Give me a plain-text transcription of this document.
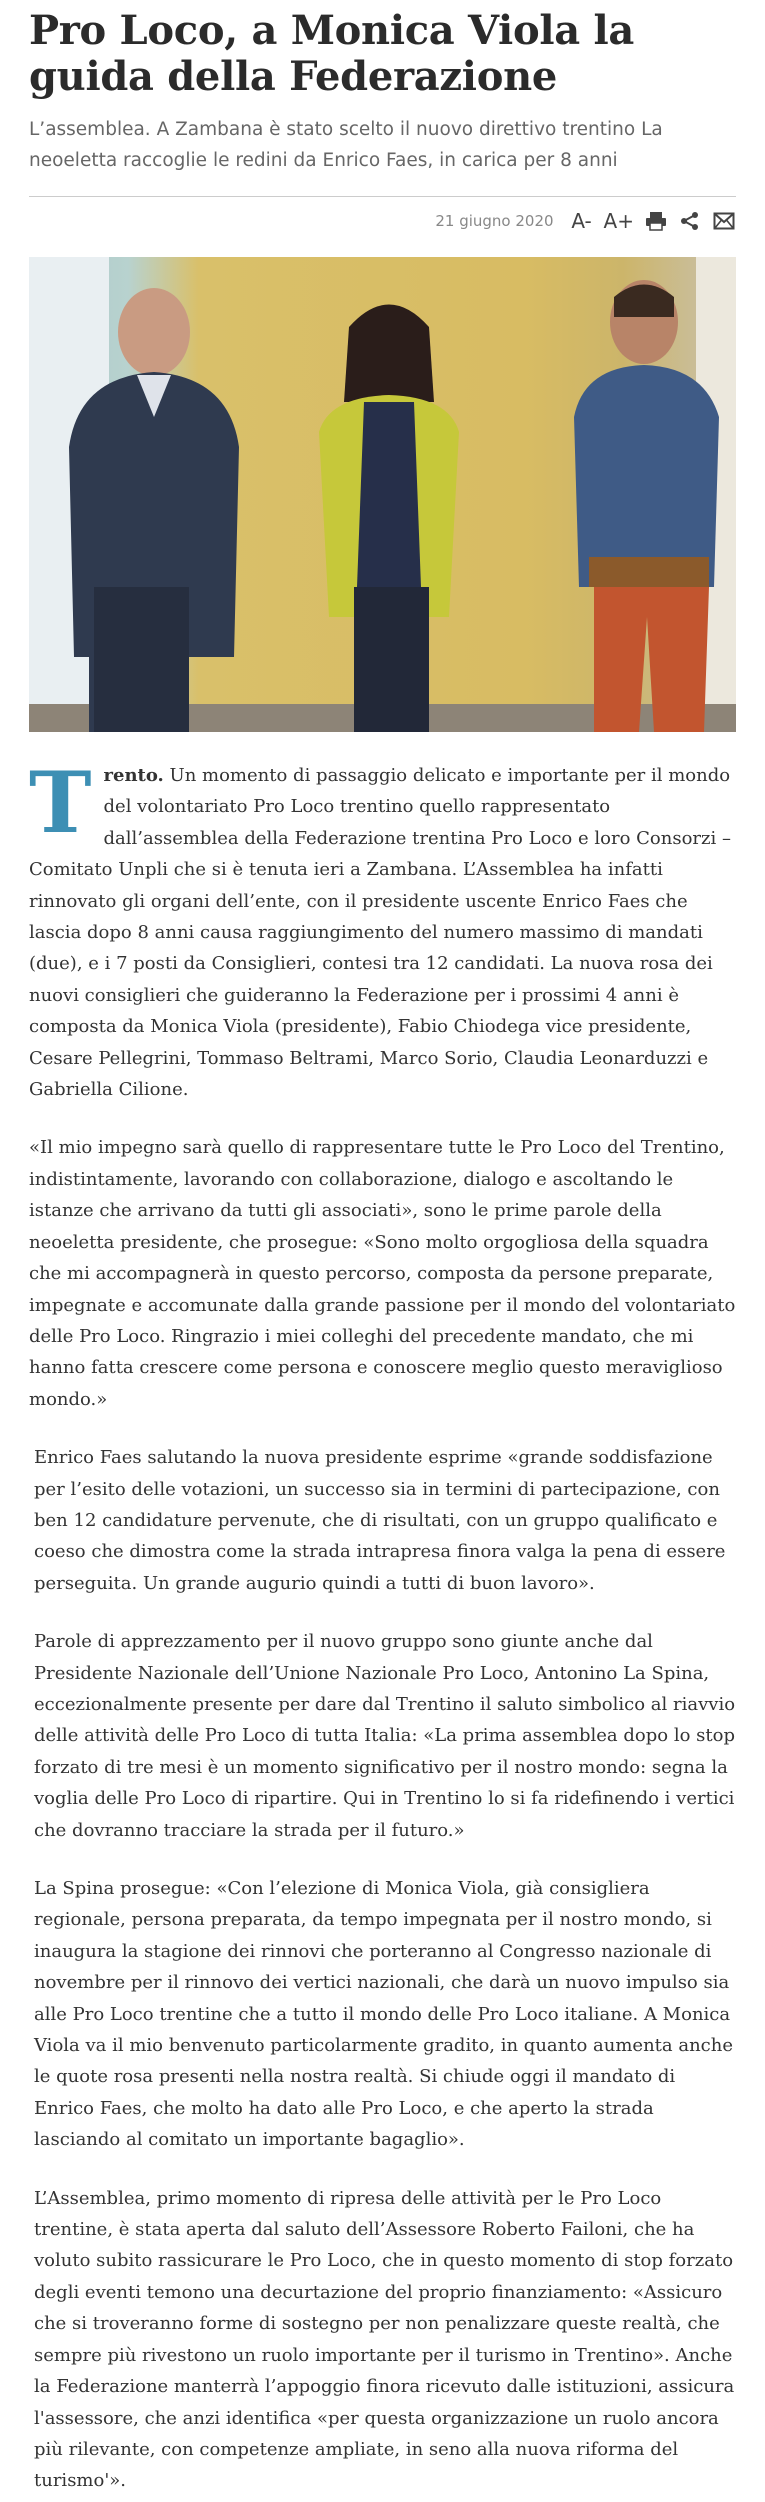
Pro Loco, a Monica Viola la guida della Federazione

L’assemblea. A Zambana è stato scelto il nuovo direttivo trentino La neoeletta raccoglie le redini da Enrico Faes, in carica per 8 anni

21 giugno 2020 A- A+

Trento. Un momento di passaggio delicato e importante per il mondo del volontariato Pro Loco trentino quello rappresentato dall’assemblea della Federazione trentina Pro Loco e loro Consorzi – Comitato Unpli che si è tenuta ieri a Zambana. L’Assemblea ha infatti rinnovato gli organi dell’ente, con il presidente uscente Enrico Faes che lascia dopo 8 anni causa raggiungimento del numero massimo di mandati (due), e i 7 posti da Consiglieri, contesi tra 12 candidati. La nuova rosa dei nuovi consiglieri che guideranno la Federazione per i prossimi 4 anni è composta da Monica Viola (presidente), Fabio Chiodega vice presidente, Cesare Pellegrini, Tommaso Beltrami, Marco Sorio, Claudia Leonarduzzi e Gabriella Cilione.

«Il mio impegno sarà quello di rappresentare tutte le Pro Loco del Trentino, indistintamente, lavorando con collaborazione, dialogo e ascoltando le istanze che arrivano da tutti gli associati», sono le prime parole della neoeletta presidente, che prosegue: «Sono molto orgogliosa della squadra che mi accompagnerà in questo percorso, composta da persone preparate, impegnate e accomunate dalla grande passione per il mondo del volontariato delle Pro Loco. Ringrazio i miei colleghi del precedente mandato, che mi hanno fatta crescere come persona e conoscere meglio questo meraviglioso mondo.»

Enrico Faes salutando la nuova presidente esprime «grande soddisfazione per l’esito delle votazioni, un successo sia in termini di partecipazione, con ben 12 candidature pervenute, che di risultati, con un gruppo qualificato e coeso che dimostra come la strada intrapresa finora valga la pena di essere perseguita. Un grande augurio quindi a tutti di buon lavoro».

Parole di apprezzamento per il nuovo gruppo sono giunte anche dal Presidente Nazionale dell’Unione Nazionale Pro Loco, Antonino La Spina, eccezionalmente presente per dare dal Trentino il saluto simbolico al riavvio delle attività delle Pro Loco di tutta Italia: «La prima assemblea dopo lo stop forzato di tre mesi è un momento significativo per il nostro mondo: segna la voglia delle Pro Loco di ripartire. Qui in Trentino lo si fa ridefinendo i vertici che dovranno tracciare la strada per il futuro.»

La Spina prosegue: «Con l’elezione di Monica Viola, già consigliera regionale, persona preparata, da tempo impegnata per il nostro mondo, si inaugura la stagione dei rinnovi che porteranno al Congresso nazionale di novembre per il rinnovo dei vertici nazionali, che darà un nuovo impulso sia alle Pro Loco trentine che a tutto il mondo delle Pro Loco italiane. A Monica Viola va il mio benvenuto particolarmente gradito, in quanto aumenta anche le quote rosa presenti nella nostra realtà. Si chiude oggi il mandato di Enrico Faes, che molto ha dato alle Pro Loco, e che aperto la strada lasciando al comitato un importante bagaglio».

L’Assemblea, primo momento di ripresa delle attività per le Pro Loco trentine, è stata aperta dal saluto dell’Assessore Roberto Failoni, che ha voluto subito rassicurare le Pro Loco, che in questo momento di stop forzato degli eventi temono una decurtazione del proprio finanziamento: «Assicuro che si troveranno forme di sostegno per non penalizzare queste realtà, che sempre più rivestono un ruolo importante per il turismo in Trentino». Anche la Federazione manterrà l’appoggio finora ricevuto dalle istituzioni, assicura l'assessore, che anzi identifica «per questa organizzazione un ruolo ancora più rilevante, con competenze ampliate, in seno alla nuova riforma del turismo'».
